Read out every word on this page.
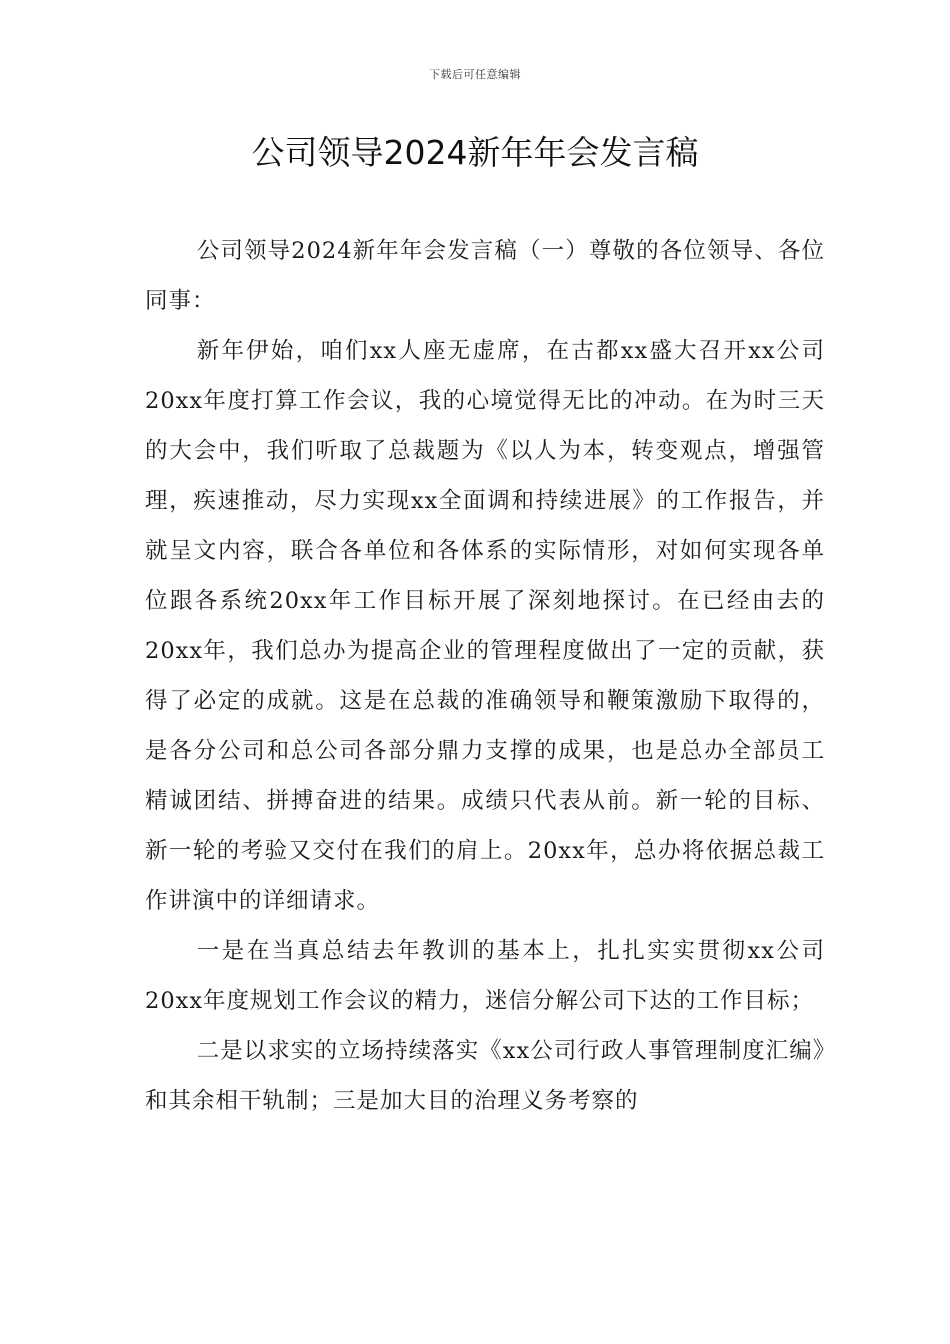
下载后可任意编辑
公司领导2024新年年会发言稿

公司领导2024新年年会发言稿（一）尊敬的各位领导、各位同事：

新年伊始，咱们xx人座无虚席，在古都xx盛大召开xx公司20xx年度打算工作会议，我的心境觉得无比的冲动。在为时三天的大会中，我们听取了总裁题为《以人为本，转变观点，增强管理，疾速推动，尽力实现xx全面调和持续进展》的工作报告，并就呈文内容，联合各单位和各体系的实际情形，对如何实现各单位跟各系统20xx年工作目标开展了深刻地探讨。在已经由去的20xx年，我们总办为提高企业的管理程度做出了一定的贡献，获得了必定的成就。这是在总裁的准确领导和鞭策激励下取得的，是各分公司和总公司各部分鼎力支撑的成果，也是总办全部员工精诚团结、拼搏奋进的结果。成绩只代表从前。新一轮的目标、新一轮的考验又交付在我们的肩上。20xx年，总办将依据总裁工作讲演中的详细请求。

一是在当真总结去年教训的基本上，扎扎实实贯彻xx公司20xx年度规划工作会议的精力，迷信分解公司下达的工作目标；

二是以求实的立场持续落实《xx公司行政人事管理制度汇编》和其余相干轨制；三是加大目的治理义务考察的
